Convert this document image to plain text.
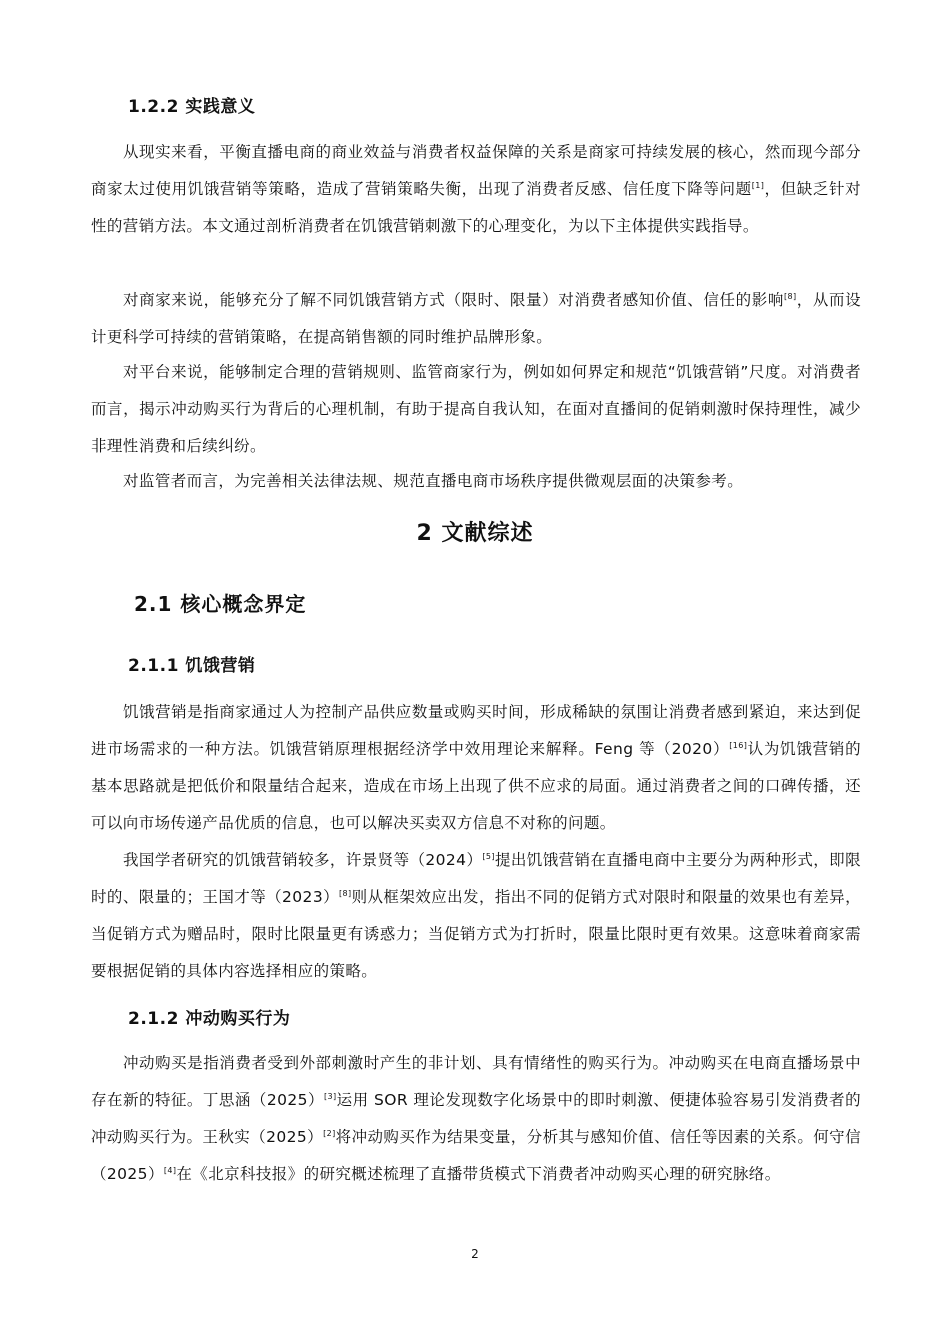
1.2.2 实践意义
从现实来看，平衡直播电商的商业效益与消费者权益保障的关系是商家可持续发展的核心，然而现今部分商家太过使用饥饿营销等策略，造成了营销策略失衡，出现了消费者反感、信任度下降等问题[1]，但缺乏针对性的营销方法。本文通过剖析消费者在饥饿营销刺激下的心理变化，为以下主体提供实践指导。
对商家来说，能够充分了解不同饥饿营销方式（限时、限量）对消费者感知价值、信任的影响[8]，从而设计更科学可持续的营销策略，在提高销售额的同时维护品牌形象。
对平台来说，能够制定合理的营销规则、监管商家行为，例如如何界定和规范“饥饿营销”尺度。对消费者而言，揭示冲动购买行为背后的心理机制，有助于提高自我认知，在面对直播间的促销刺激时保持理性，减少非理性消费和后续纠纷。
对监管者而言，为完善相关法律法规、规范直播电商市场秩序提供微观层面的决策参考。
2 文献综述
2.1 核心概念界定
2.1.1 饥饿营销
饥饿营销是指商家通过人为控制产品供应数量或购买时间，形成稀缺的氛围让消费者感到紧迫，来达到促进市场需求的一种方法。饥饿营销原理根据经济学中效用理论来解释。Feng 等（2020）[16]认为饥饿营销的基本思路就是把低价和限量结合起来，造成在市场上出现了供不应求的局面。通过消费者之间的口碑传播，还可以向市场传递产品优质的信息，也可以解决买卖双方信息不对称的问题。
我国学者研究的饥饿营销较多，许景贤等（2024）[5]提出饥饿营销在直播电商中主要分为两种形式，即限时的、限量的；王国才等（2023）[8]则从框架效应出发，指出不同的促销方式对限时和限量的效果也有差异，当促销方式为赠品时，限时比限量更有诱惑力；当促销方式为打折时，限量比限时更有效果。这意味着商家需要根据促销的具体内容选择相应的策略。
2.1.2 冲动购买行为
冲动购买是指消费者受到外部刺激时产生的非计划、具有情绪性的购买行为。冲动购买在电商直播场景中存在新的特征。丁思涵（2025）[3]运用 SOR 理论发现数字化场景中的即时刺激、便捷体验容易引发消费者的冲动购买行为。王秋实（2025）[2]将冲动购买作为结果变量，分析其与感知价值、信任等因素的关系。何守信（2025）[4]在《北京科技报》的研究概述梳理了直播带货模式下消费者冲动购买心理的研究脉络。
2
